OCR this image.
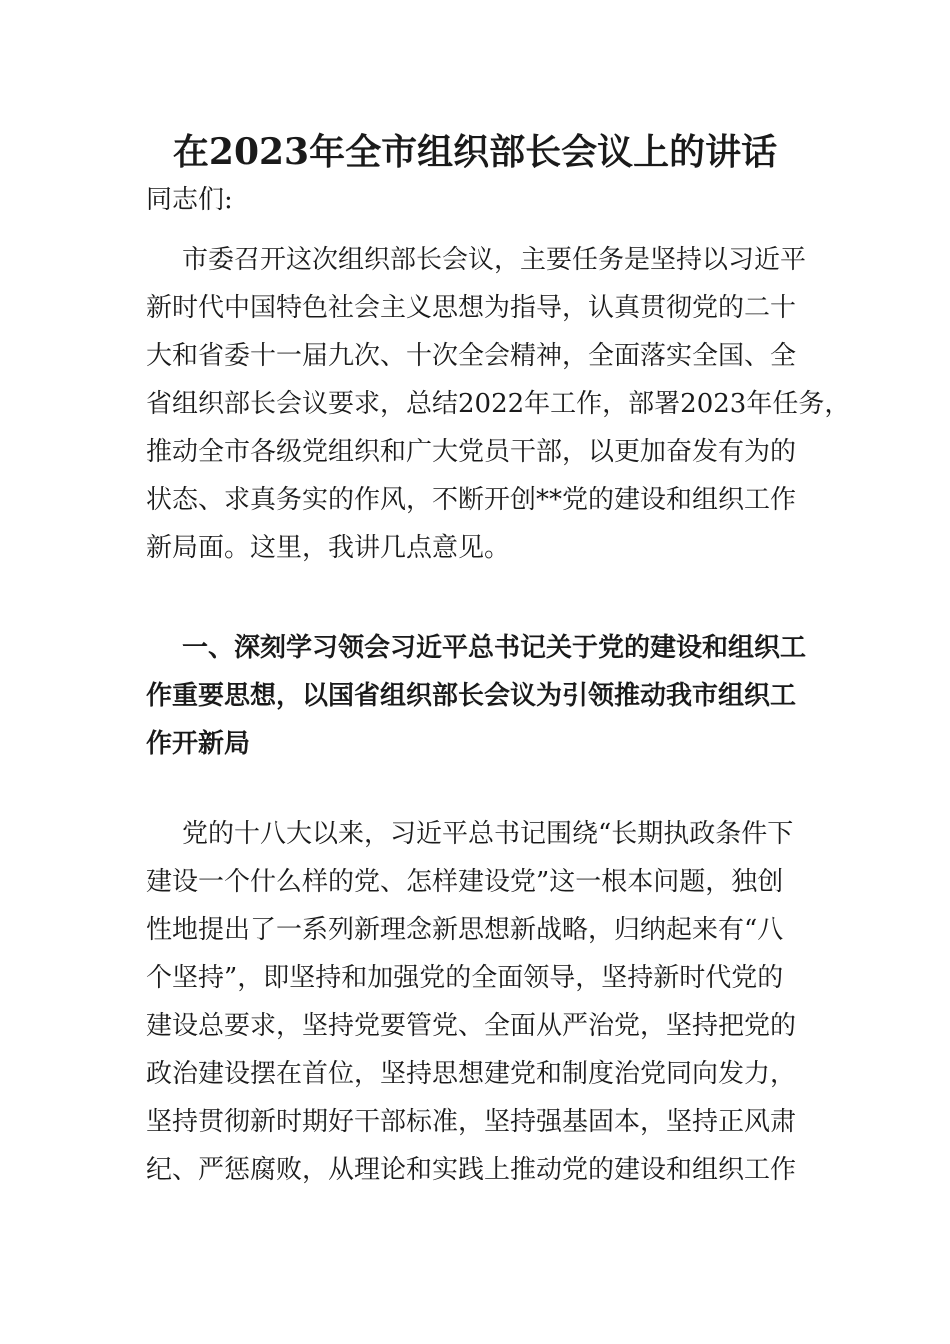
在2023年全市组织部长会议上的讲话
同志们:
市委召开这次组织部长会议，主要任务是坚持以习近平
新时代中国特色社会主义思想为指导，认真贯彻党的二十
大和省委十一届九次、十次全会精神，全面落实全国、全
省组织部长会议要求，总结2022年工作，部署2023年任务，
推动全市各级党组织和广大党员干部，以更加奋发有为的
状态、求真务实的作风，不断开创**党的建设和组织工作
新局面。这里，我讲几点意见。
一、深刻学习领会习近平总书记关于党的建设和组织工
作重要思想，以国省组织部长会议为引领推动我市组织工
作开新局
党的十八大以来，习近平总书记围绕“长期执政条件下
建设一个什么样的党、怎样建设党”这一根本问题，独创
性地提出了一系列新理念新思想新战略，归纳起来有“八
个坚持”，即坚持和加强党的全面领导，坚持新时代党的
建设总要求，坚持党要管党、全面从严治党，坚持把党的
政治建设摆在首位，坚持思想建党和制度治党同向发力，
坚持贯彻新时期好干部标准，坚持强基固本，坚持正风肃
纪、严惩腐败，从理论和实践上推动党的建设和组织工作
